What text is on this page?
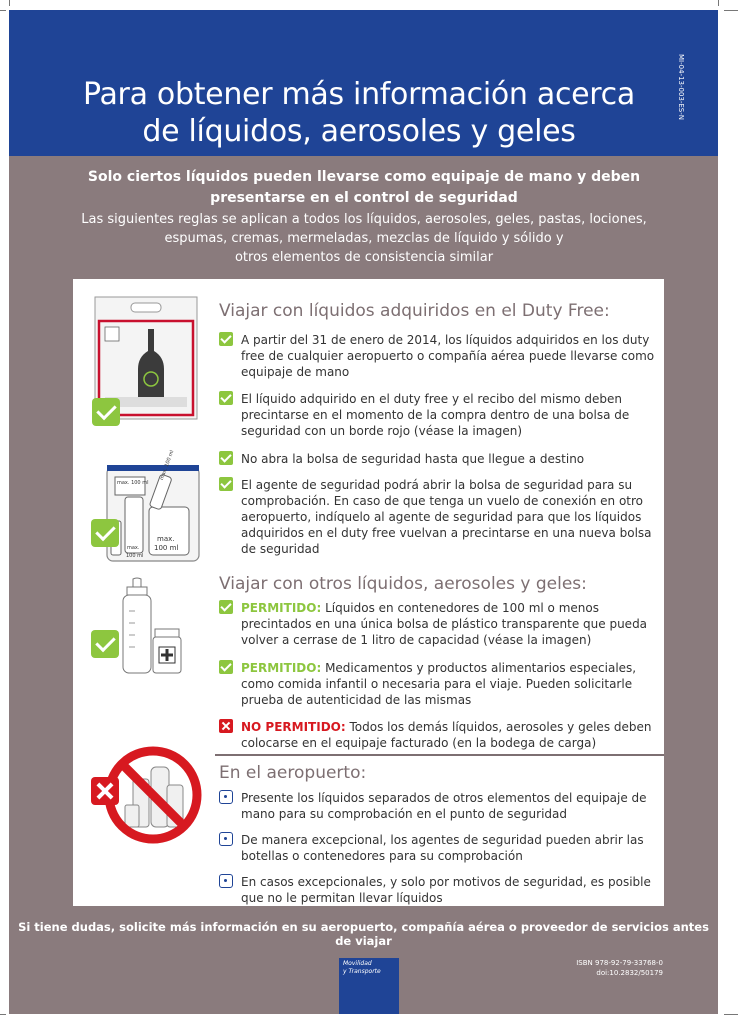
Para obtener más información acerca
de líquidos, aerosoles y geles
MI-04-13-003-ES-N
Solo ciertos líquidos pueden llevarse como equipaje de mano y deben
presentarse en el control de seguridad
Las siguientes reglas se aplican a todos los líquidos, aerosoles, geles, pastas, lociones,
espumas, cremas, mermeladas, mezclas de líquido y sólido y
otros elementos de consistencia similar
max. 100 ml
max. 100 ml
max.
100 ml
max.
100 ml
Viajar con líquidos adquiridos en el Duty Free:
A partir del 31 de enero de 2014, los líquidos adquiridos en los duty free de cualquier aeropuerto o compañía aérea puede llevarse como equipaje de mano
El líquido adquirido en el duty free y el recibo del mismo deben precintarse en el momento de la compra dentro de una bolsa de seguridad con un borde rojo (véase la imagen)
No abra la bolsa de seguridad hasta que llegue a destino
El agente de seguridad podrá abrir la bolsa de seguridad para su comprobación. En caso de que tenga un vuelo de conexión en otro aeropuerto, indíquelo al agente de seguridad para que los líquidos adquiridos en el duty free vuelvan a precintarse en una nueva bolsa de seguridad
Viajar con otros líquidos, aerosoles y geles:
PERMITIDO: Líquidos en contenedores de 100 ml o menos precintados en una única bolsa de plástico transparente que pueda volver a cerrase de 1 litro de capacidad (véase la imagen)
PERMITIDO: Medicamentos y productos alimentarios especiales, como comida infantil o necesaria para el viaje. Pueden solicitarle prueba de autenticidad de las mismas
NO PERMITIDO: Todos los demás líquidos, aerosoles y geles deben colocarse en el equipaje facturado (en la bodega de carga)
En el aeropuerto:
Presente los líquidos separados de otros elementos del equipaje de mano para su comprobación en el punto de seguridad
De manera excepcional, los agentes de seguridad pueden abrir las botellas o contenedores para su comprobación
En casos excepcionales, y solo por motivos de seguridad, es posible que no le permitan llevar líquidos
Si tiene dudas, solicite más información en su aeropuerto, compañía aérea o proveedor de servicios antes de viajar
Movilidad
y Transporte
ISBN 978-92-79-33768-0
doi:10.2832/50179
